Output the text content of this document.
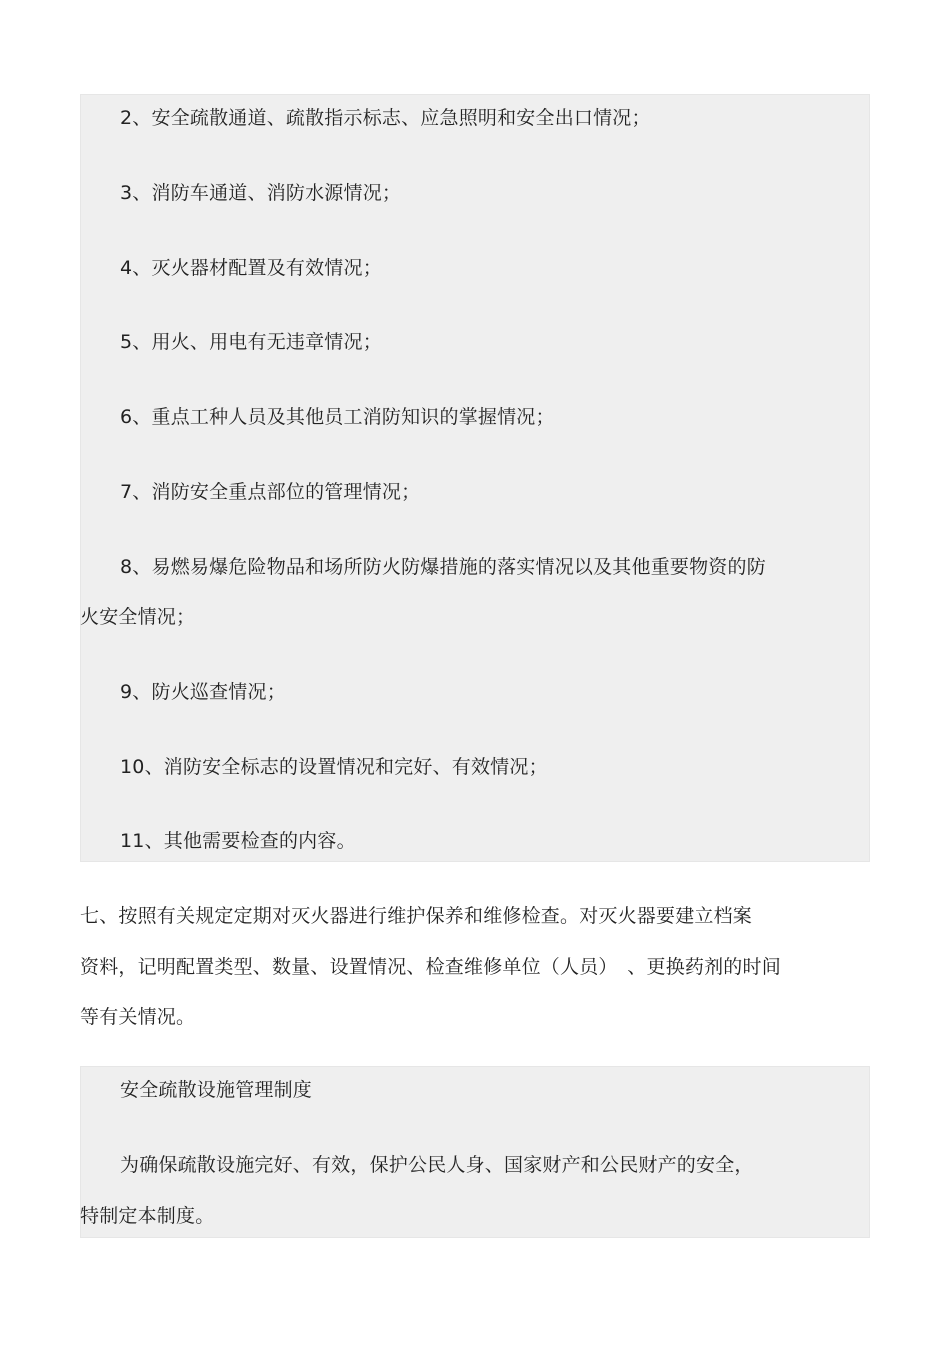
2、安全疏散通道、疏散指示标志、应急照明和安全出口情况；
3、消防车通道、消防水源情况；
4、灭火器材配置及有效情况；
5、用火、用电有无违章情况；
6、重点工种人员及其他员工消防知识的掌握情况；
7、消防安全重点部位的管理情况；
8、易燃易爆危险物品和场所防火防爆措施的落实情况以及其他重要物资的防
火安全情况；
9、防火巡查情况；
10、消防安全标志的设置情况和完好、有效情况；
11、其他需要检查的内容。
七、按照有关规定定期对灭火器进行维护保养和维修检查。对灭火器要建立档案
资料，记明配置类型、数量、设置情况、检查维修单位（人员）　、更换药剂的时间
等有关情况。
安全疏散设施管理制度
为确保疏散设施完好、有效，保护公民人身、国家财产和公民财产的安全，
特制定本制度。
